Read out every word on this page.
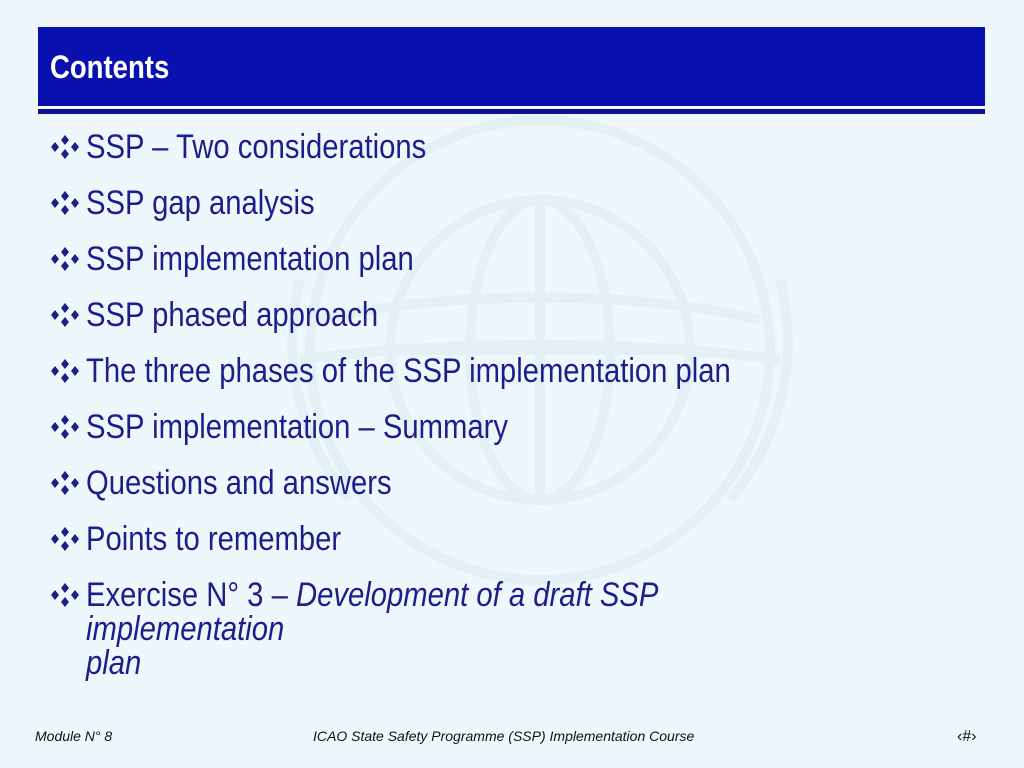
Contents
SSP – Two considerations
SSP gap analysis
SSP implementation plan
SSP phased approach
The three phases of the SSP implementation plan
SSP implementation – Summary
Questions and answers
Points to remember
Exercise N° 3 – Development of a draft SSP implementation
plan
Module N° 8	ICAO State Safety Programme (SSP) Implementation Course	‹#›
